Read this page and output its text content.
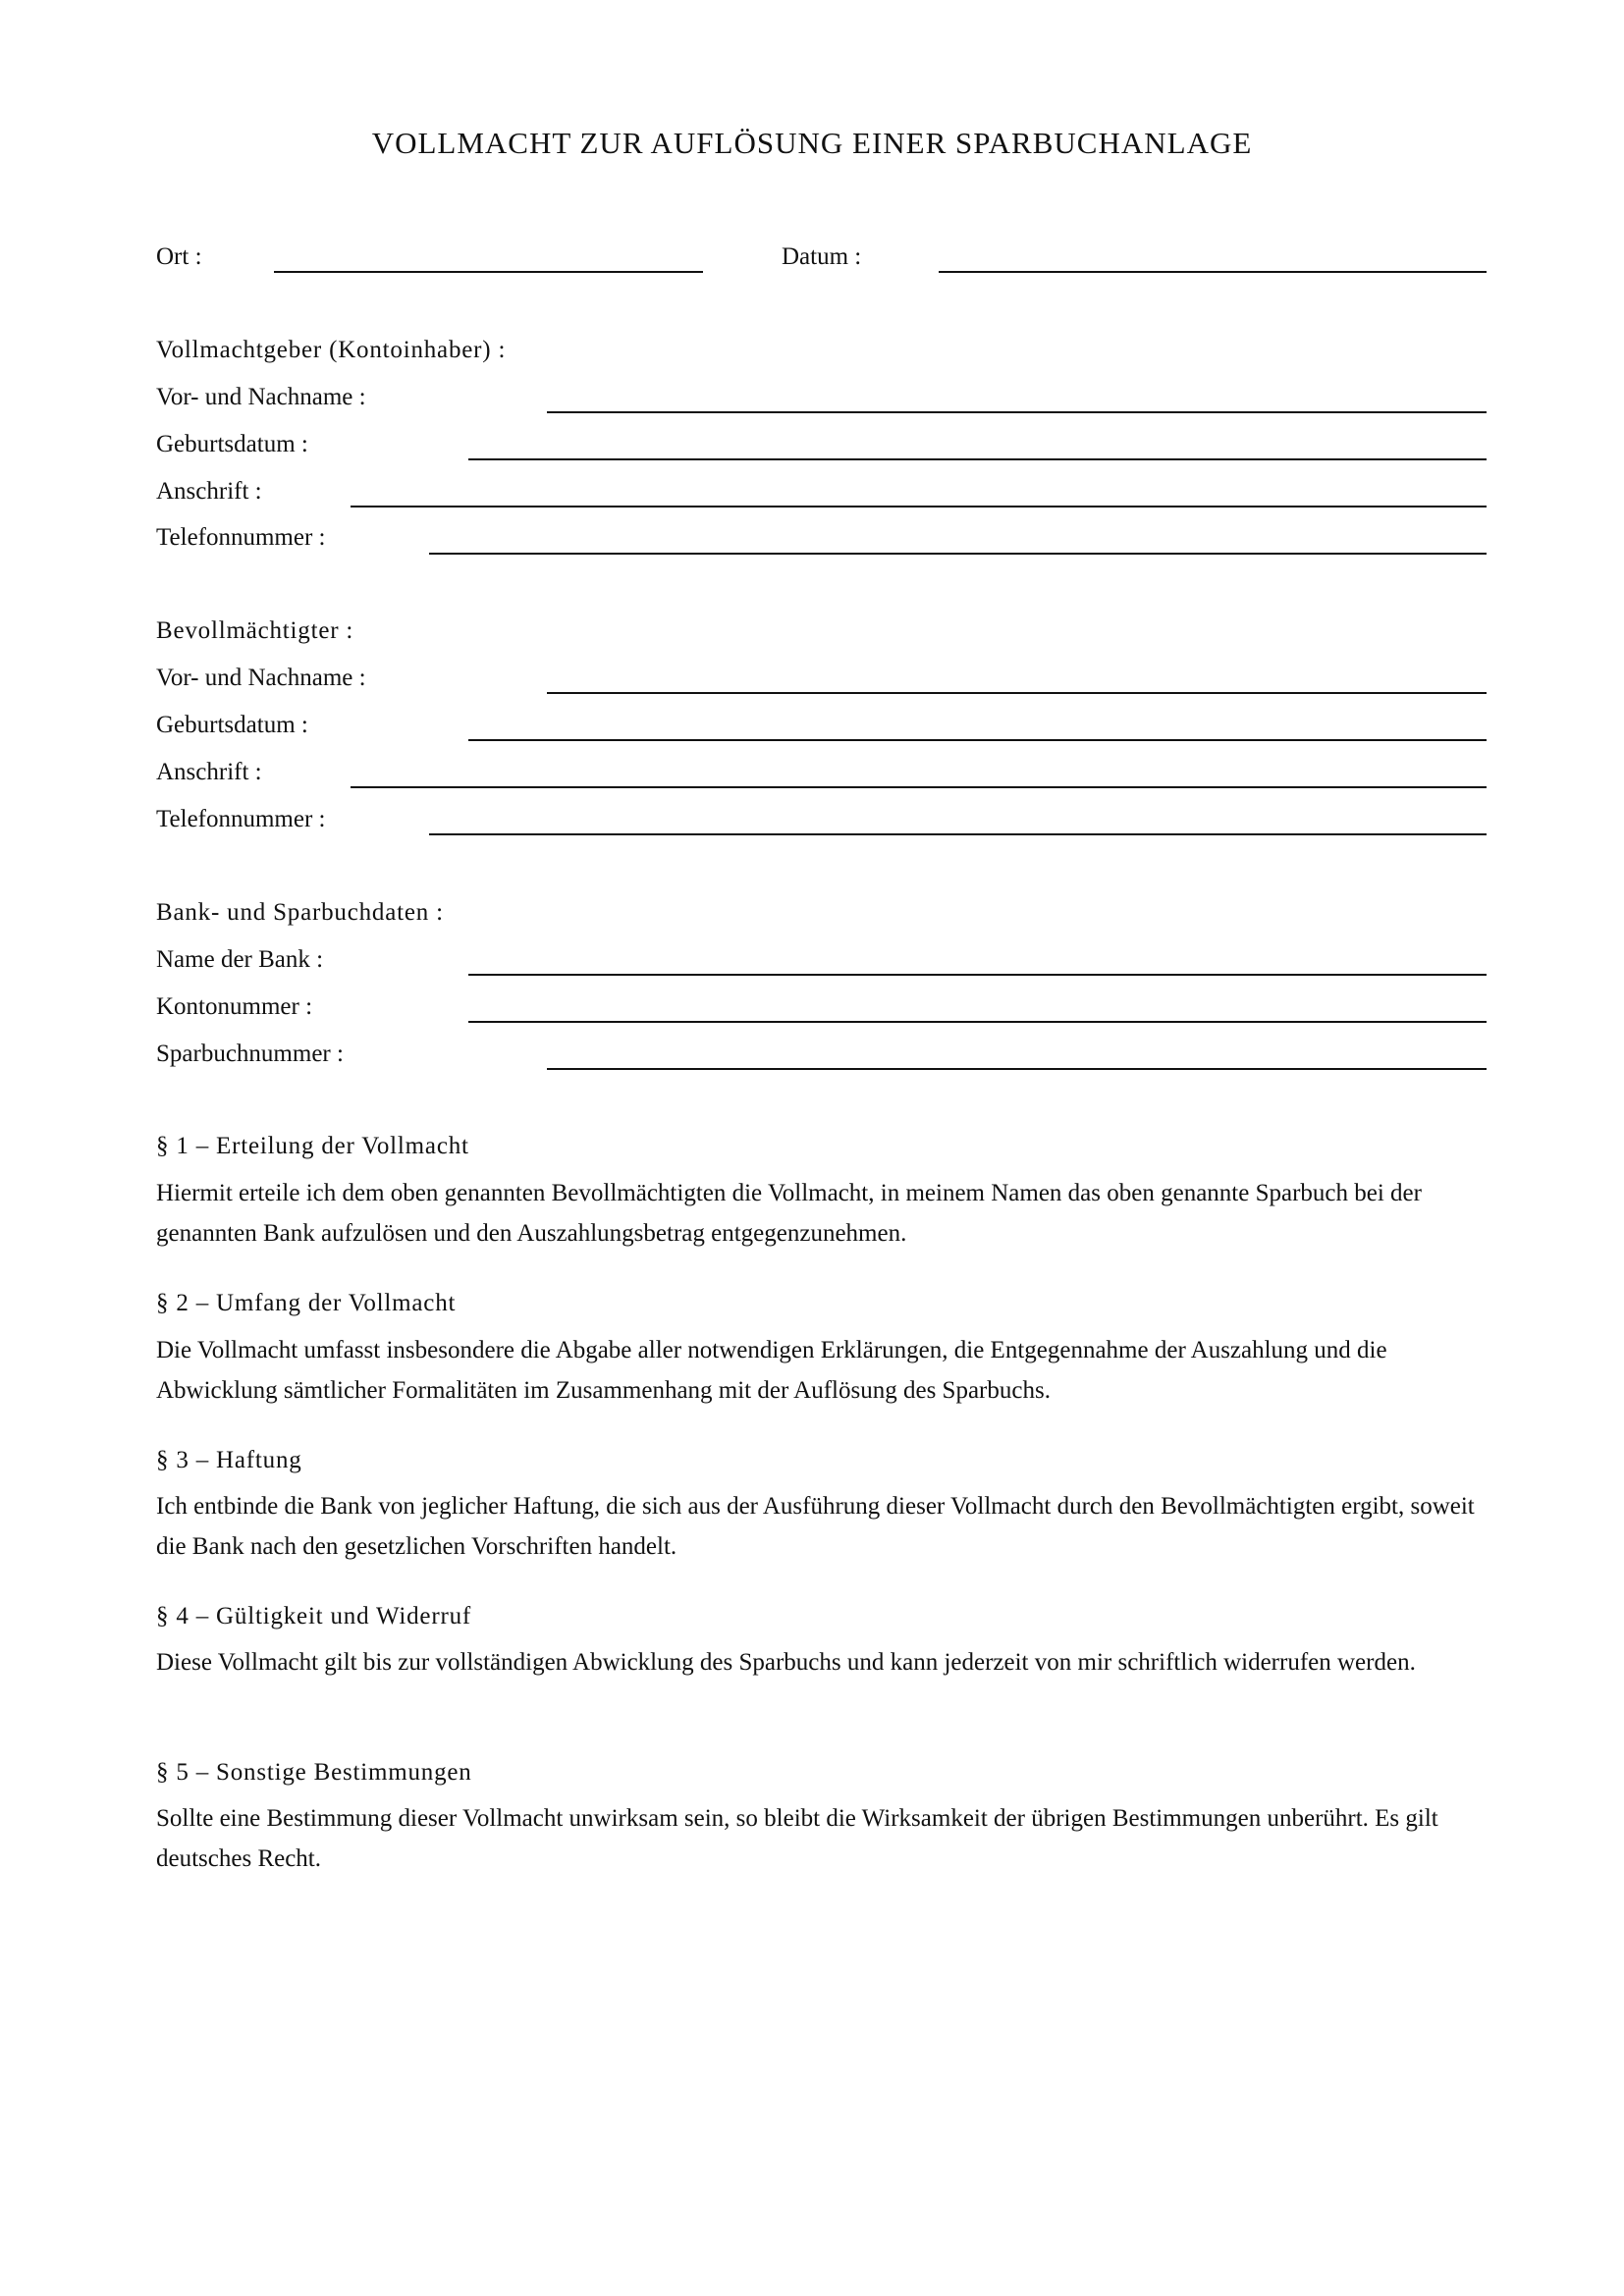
VOLLMACHT ZUR AUFLÖSUNG EINER SPARBUCHANLAGE
Ort :	Datum :
Vollmachtgeber (Kontoinhaber) :
Vor- und Nachname :
Geburtsdatum :
Anschrift :
Telefonnummer :
Bevollmächtigter :
Vor- und Nachname :
Geburtsdatum :
Anschrift :
Telefonnummer :
Bank- und Sparbuchdaten :
Name der Bank :
Kontonummer :
Sparbuchnummer :
§ 1 – Erteilung der Vollmacht
Hiermit erteile ich dem oben genannten Bevollmächtigten die Vollmacht, in meinem Namen das oben genannte Sparbuch bei der genannten Bank aufzulösen und den Auszahlungsbetrag entgegenzunehmen.
§ 2 – Umfang der Vollmacht
Die Vollmacht umfasst insbesondere die Abgabe aller notwendigen Erklärungen, die Entgegennahme der Auszahlung und die Abwicklung sämtlicher Formalitäten im Zusammenhang mit der Auflösung des Sparbuchs.
§ 3 – Haftung
Ich entbinde die Bank von jeglicher Haftung, die sich aus der Ausführung dieser Vollmacht durch den Bevollmächtigten ergibt, soweit die Bank nach den gesetzlichen Vorschriften handelt.
§ 4 – Gültigkeit und Widerruf
Diese Vollmacht gilt bis zur vollständigen Abwicklung des Sparbuchs und kann jederzeit von mir schriftlich widerrufen werden.
§ 5 – Sonstige Bestimmungen
Sollte eine Bestimmung dieser Vollmacht unwirksam sein, so bleibt die Wirksamkeit der übrigen Bestimmungen unberührt. Es gilt deutsches Recht.
